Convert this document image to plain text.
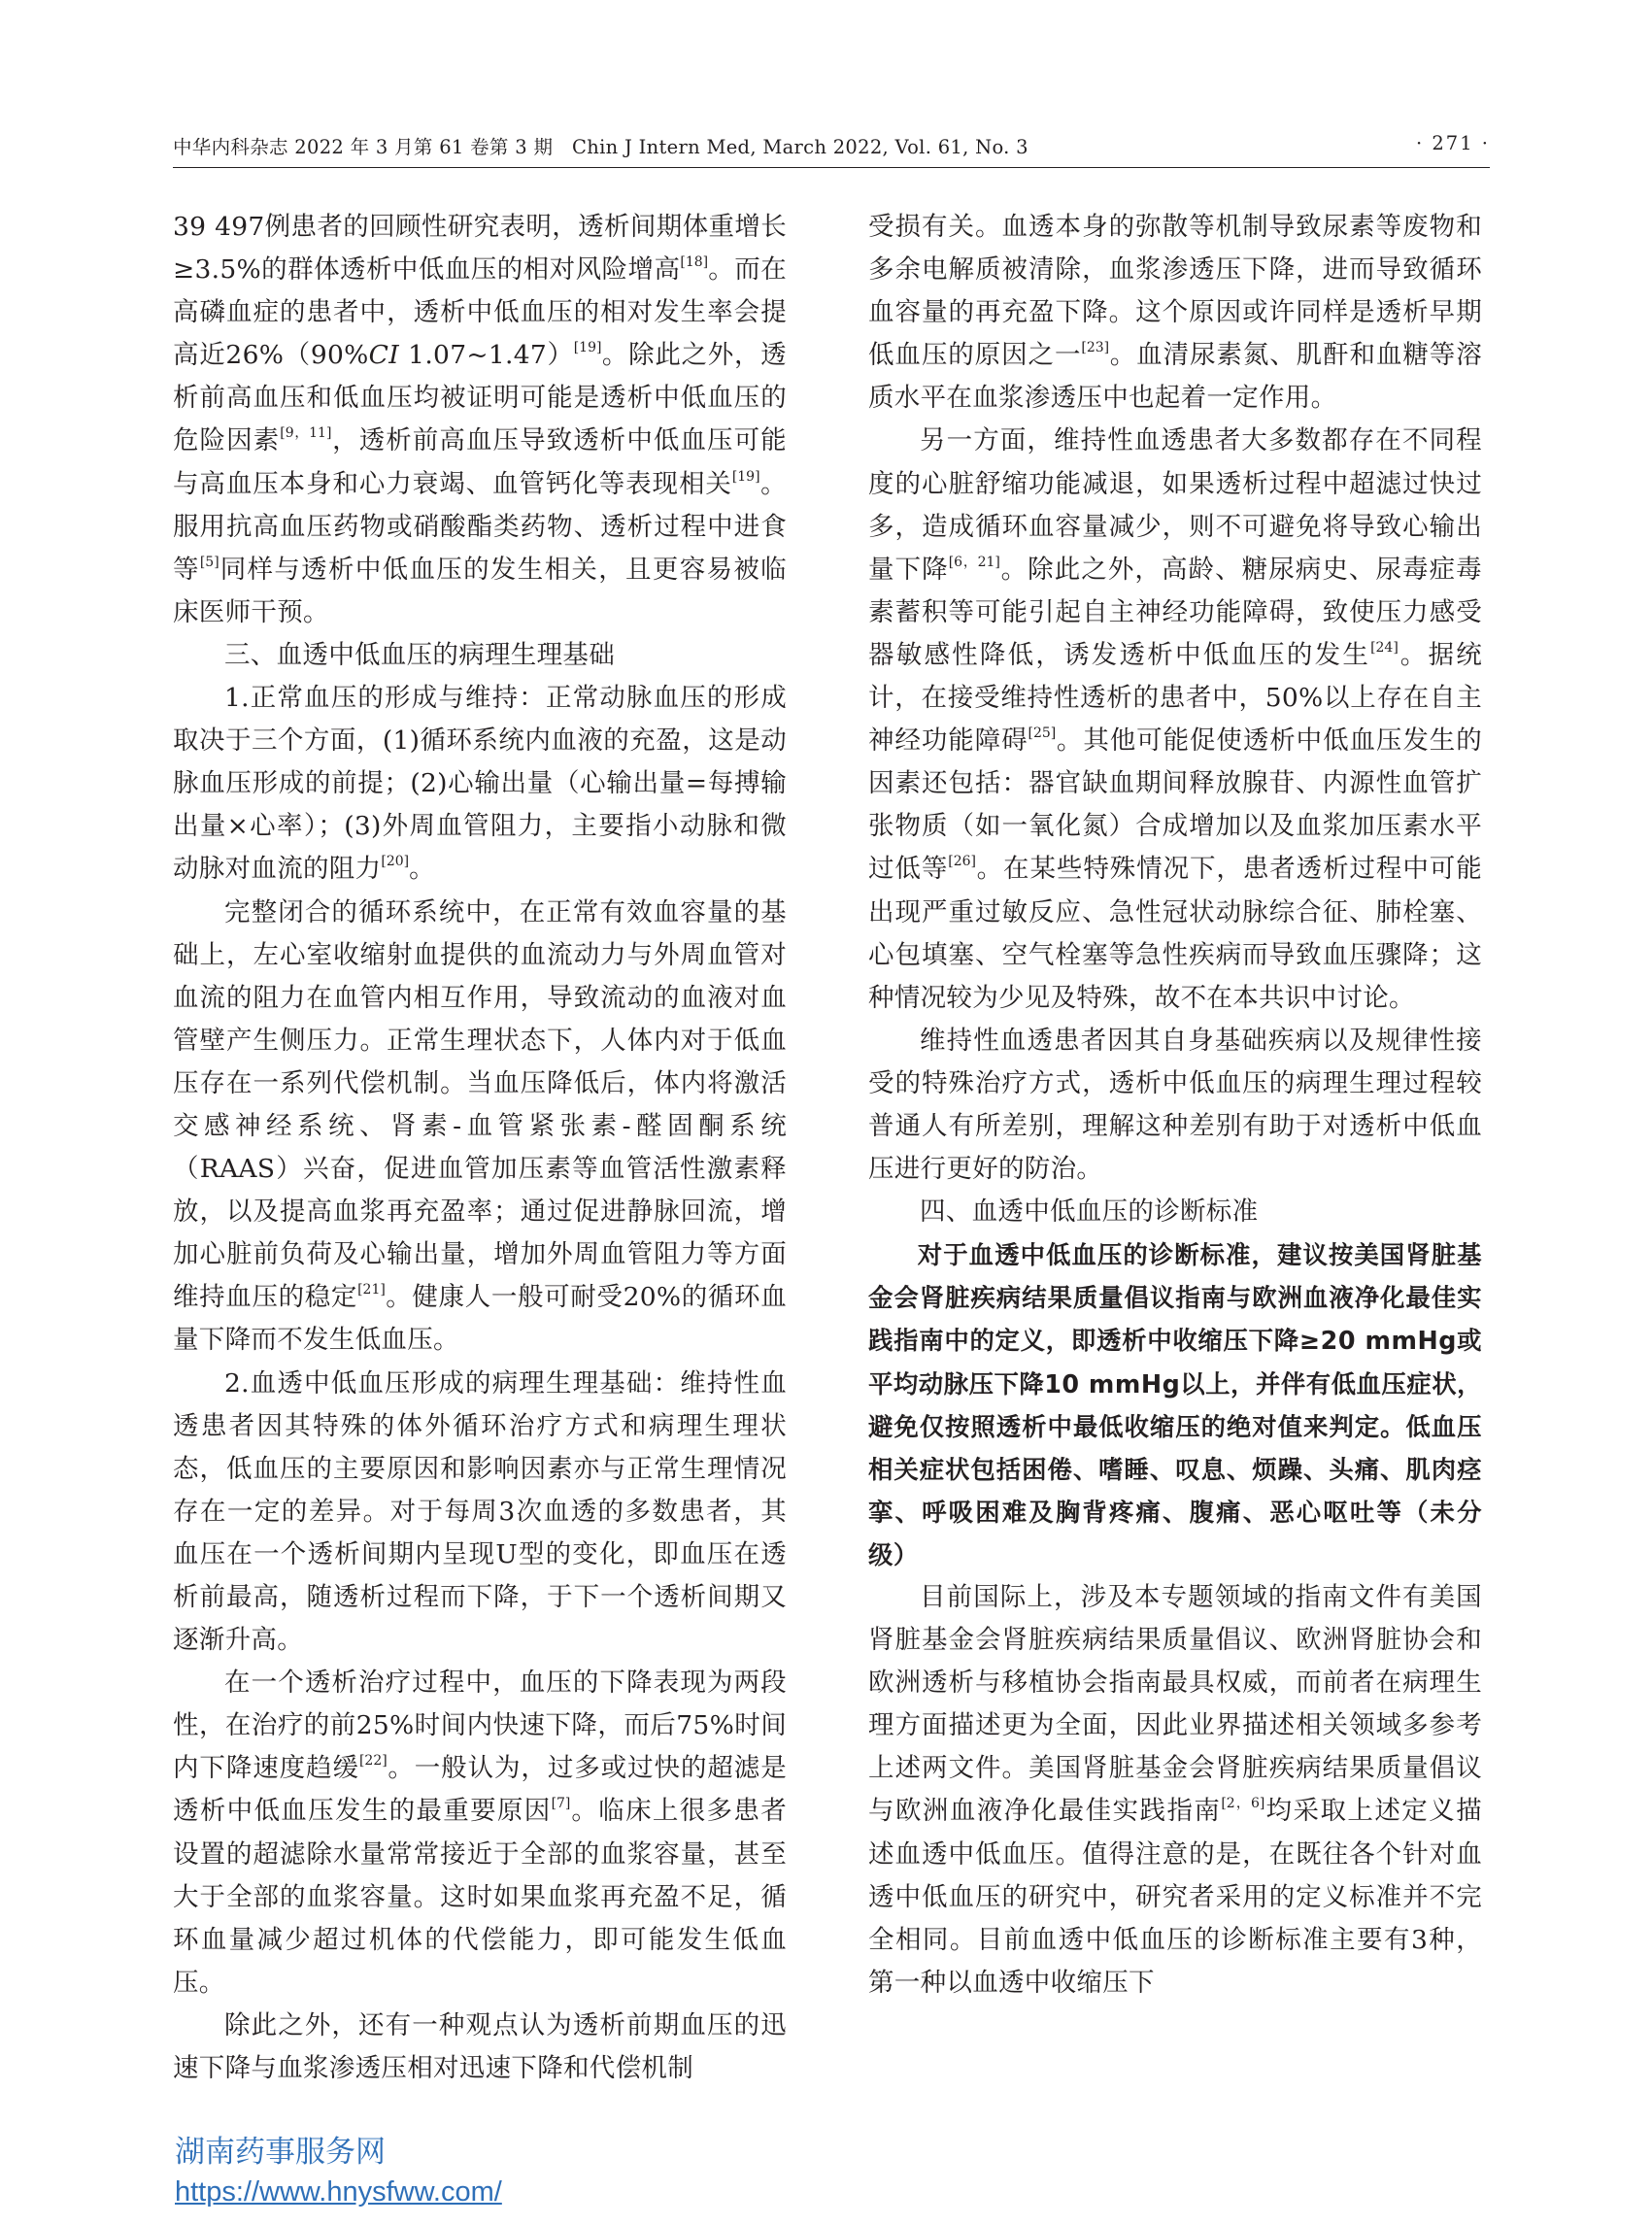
中华内科杂志 2022 年 3 月第 61 卷第 3 期　Chin J Intern Med, March 2022, Vol. 61, No. 3	· 271 ·

39 497例患者的回顾性研究表明，透析间期体重增长≥3.5%的群体透析中低血压的相对风险增高[18]。而在高磷血症的患者中，透析中低血压的相对发生率会提高近26%（90%CI 1.07~1.47）[19]。除此之外，透析前高血压和低血压均被证明可能是透析中低血压的危险因素[9，11]，透析前高血压导致透析中低血压可能与高血压本身和心力衰竭、血管钙化等表现相关[19]。服用抗高血压药物或硝酸酯类药物、透析过程中进食等[5]同样与透析中低血压的发生相关，且更容易被临床医师干预。

三、血透中低血压的病理生理基础

1.正常血压的形成与维持：正常动脉血压的形成取决于三个方面，(1)循环系统内血液的充盈，这是动脉血压形成的前提；(2)心输出量（心输出量=每搏输出量×心率）；(3)外周血管阻力，主要指小动脉和微动脉对血流的阻力[20]。

完整闭合的循环系统中，在正常有效血容量的基础上，左心室收缩射血提供的血流动力与外周血管对血流的阻力在血管内相互作用，导致流动的血液对血管壁产生侧压力。正常生理状态下，人体内对于低血压存在一系列代偿机制。当血压降低后，体内将激活交感神经系统、肾素-血管紧张素-醛固酮系统（RAAS）兴奋，促进血管加压素等血管活性激素释放，以及提高血浆再充盈率；通过促进静脉回流，增加心脏前负荷及心输出量，增加外周血管阻力等方面维持血压的稳定[21]。健康人一般可耐受20%的循环血量下降而不发生低血压。

2.血透中低血压形成的病理生理基础：维持性血透患者因其特殊的体外循环治疗方式和病理生理状态，低血压的主要原因和影响因素亦与正常生理情况存在一定的差异。对于每周3次血透的多数患者，其血压在一个透析间期内呈现U型的变化，即血压在透析前最高，随透析过程而下降，于下一个透析间期又逐渐升高。

在一个透析治疗过程中，血压的下降表现为两段性，在治疗的前25%时间内快速下降，而后75%时间内下降速度趋缓[22]。一般认为，过多或过快的超滤是透析中低血压发生的最重要原因[7]。临床上很多患者设置的超滤除水量常常接近于全部的血浆容量，甚至大于全部的血浆容量。这时如果血浆再充盈不足，循环血量减少超过机体的代偿能力，即可能发生低血压。

除此之外，还有一种观点认为透析前期血压的迅速下降与血浆渗透压相对迅速下降和代偿机制

受损有关。血透本身的弥散等机制导致尿素等废物和多余电解质被清除，血浆渗透压下降，进而导致循环血容量的再充盈下降。这个原因或许同样是透析早期低血压的原因之一[23]。血清尿素氮、肌酐和血糖等溶质水平在血浆渗透压中也起着一定作用。

另一方面，维持性血透患者大多数都存在不同程度的心脏舒缩功能减退，如果透析过程中超滤过快过多，造成循环血容量减少，则不可避免将导致心输出量下降[6，21]。除此之外，高龄、糖尿病史、尿毒症毒素蓄积等可能引起自主神经功能障碍，致使压力感受器敏感性降低，诱发透析中低血压的发生[24]。据统计，在接受维持性透析的患者中，50%以上存在自主神经功能障碍[25]。其他可能促使透析中低血压发生的因素还包括：器官缺血期间释放腺苷、内源性血管扩张物质（如一氧化氮）合成增加以及血浆加压素水平过低等[26]。在某些特殊情况下，患者透析过程中可能出现严重过敏反应、急性冠状动脉综合征、肺栓塞、心包填塞、空气栓塞等急性疾病而导致血压骤降；这种情况较为少见及特殊，故不在本共识中讨论。

维持性血透患者因其自身基础疾病以及规律性接受的特殊治疗方式，透析中低血压的病理生理过程较普通人有所差别，理解这种差别有助于对透析中低血压进行更好的防治。

四、血透中低血压的诊断标准

对于血透中低血压的诊断标准，建议按美国肾脏基金会肾脏疾病结果质量倡议指南与欧洲血液净化最佳实践指南中的定义，即透析中收缩压下降≥20 mmHg或平均动脉压下降10 mmHg以上，并伴有低血压症状，避免仅按照透析中最低收缩压的绝对值来判定。低血压相关症状包括困倦、嗜睡、叹息、烦躁、头痛、肌肉痉挛、呼吸困难及胸背疼痛、腹痛、恶心呕吐等（未分级）

目前国际上，涉及本专题领域的指南文件有美国肾脏基金会肾脏疾病结果质量倡议、欧洲肾脏协会和欧洲透析与移植协会指南最具权威，而前者在病理生理方面描述更为全面，因此业界描述相关领域多参考上述两文件。美国肾脏基金会肾脏疾病结果质量倡议与欧洲血液净化最佳实践指南[2，6]均采取上述定义描述血透中低血压。值得注意的是，在既往各个针对血透中低血压的研究中，研究者采用的定义标准并不完全相同。目前血透中低血压的诊断标准主要有3种，第一种以血透中收缩压下

湖南药事服务网
https://www.hnysfww.com/
